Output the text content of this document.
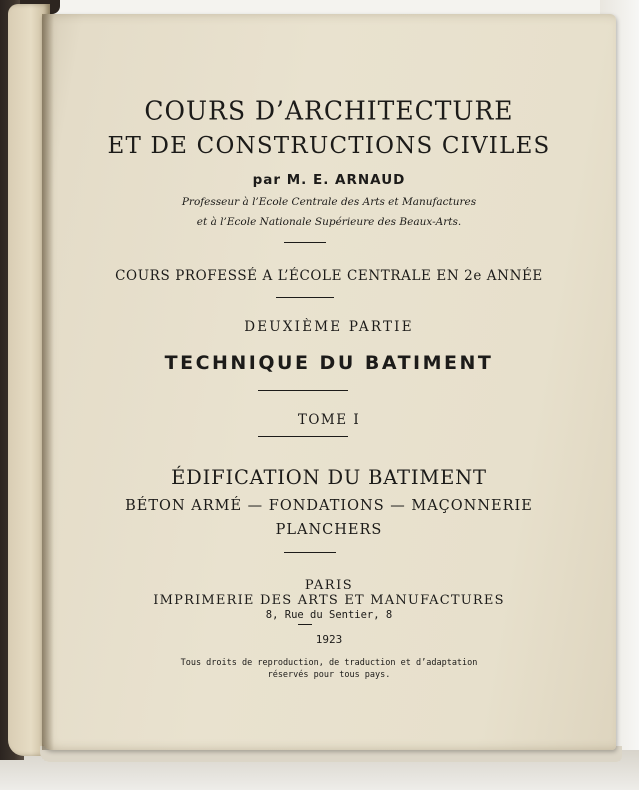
COURS D’ARCHITECTURE
ET DE CONSTRUCTIONS CIVILES
par M. E. ARNAUD
Professeur à l’Ecole Centrale des Arts et Manufactures
et à l’Ecole Nationale Supérieure des Beaux-Arts.
COURS PROFESSÉ A L’ÉCOLE CENTRALE EN 2e ANNÉE
DEUXIÈME PARTIE
TECHNIQUE DU BATIMENT
TOME I
ÉDIFICATION DU BATIMENT
BÉTON ARMÉ — FONDATIONS — MAÇONNERIE
PLANCHERS
PARIS
IMPRIMERIE DES ARTS ET MANUFACTURES
8, Rue du Sentier, 8
1923
Tous droits de reproduction, de traduction et d’adaptation
réservés pour tous pays.
